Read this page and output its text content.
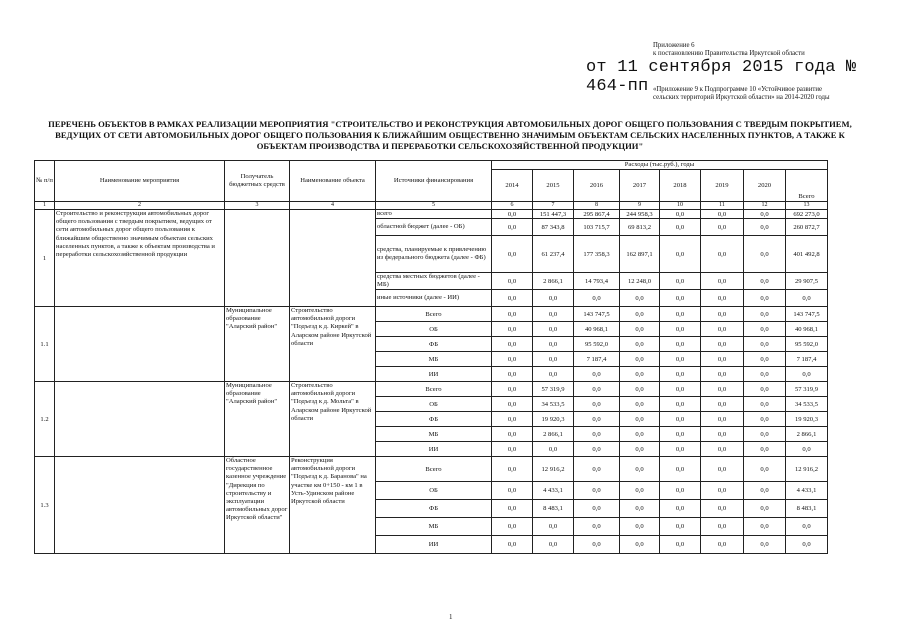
Приложение 6
к постановлению Правительства Иркутской области
от 11 сентября 2015 года № 464-пп «Приложение 9 к Подпрограмме 10 «Устойчивое развитие сельских территорий Иркутской области» на 2014-2020 годы
ПЕРЕЧЕНЬ ОБЪЕКТОВ В РАМКАХ РЕАЛИЗАЦИИ МЕРОПРИЯТИЯ "СТРОИТЕЛЬСТВО И РЕКОНСТРУКЦИЯ АВТОМОБИЛЬНЫХ ДОРОГ ОБЩЕГО ПОЛЬЗОВАНИЯ С ТВЕРДЫМ ПОКРЫТИЕМ, ВЕДУЩИХ ОТ СЕТИ АВТОМОБИЛЬНЫХ ДОРОГ ОБЩЕГО ПОЛЬЗОВАНИЯ К БЛИЖАЙШИМ ОБЩЕСТВЕННО ЗНАЧИМЫМ ОБЪЕКТАМ СЕЛЬСКИХ НАСЕЛЕННЫХ ПУНКТОВ, А ТАКЖЕ К ОБЪЕКТАМ ПРОИЗВОДСТВА И ПЕРЕРАБОТКИ СЕЛЬСКОХОЗЯЙСТВЕННОЙ ПРОДУКЦИИ"
№ п/п	Наименование мероприятия	Получатель бюджетных средств	Наименование объекта	Источники финансирования	Расходы (тыс.руб.), годы							
					2014	2015	2016	2017	2018	2019	2020	Всего
1	2	3	4	5	6	7	8	9	10	11	12	13
1	Строительство и реконструкция автомобильных дорог общего пользования с твердым покрытием, ведущих от сети автомобильных дорог общего пользования к ближайшим общественно значимым объектам сельских населенных пунктов, а также к объектам производства и переработки сельскохозяйственной продукции			всего	0,0	151 447,3	295 867,4	244 958,3	0,0	0,0	0,0	692 273,0
				областной бюджет (далее - ОБ)	0,0	87 343,8	103 715,7	69 813,2	0,0	0,0	0,0	260 872,7
				средства, планируемые к привлечению из федерального бюджета (далее - ФБ)	0,0	61 237,4	177 358,3	162 897,1	0,0	0,0	0,0	401 492,8
				средства местных бюджетов (далее - МБ)	0,0	2 866,1	14 793,4	12 248,0	0,0	0,0	0,0	29 907,5
				иные источники (далее - ИИ)	0,0	0,0	0,0	0,0	0,0	0,0	0,0	0,0
1.1		Муниципальное образование "Аларский район"	Строительство автомобильной дороги "Подъезд к д. Киркей" в Аларском районе Иркутской области	Всего	0,0	0,0	143 747,5	0,0	0,0	0,0	0,0	143 747,5
				ОБ	0,0	0,0	40 968,1	0,0	0,0	0,0	0,0	40 968,1
				ФБ	0,0	0,0	95 592,0	0,0	0,0	0,0	0,0	95 592,0
				МБ	0,0	0,0	7 187,4	0,0	0,0	0,0	0,0	7 187,4
				ИИ	0,0	0,0	0,0	0,0	0,0	0,0	0,0	0,0
1.2		Муниципальное образование "Аларский район"	Строительство автомобильной дороги "Подъезд к д. Мольта" в Аларском районе Иркутской области	Всего	0,0	57 319,9	0,0	0,0	0,0	0,0	0,0	57 319,9
				ОБ	0,0	34 533,5	0,0	0,0	0,0	0,0	0,0	34 533,5
				ФБ	0,0	19 920,3	0,0	0,0	0,0	0,0	0,0	19 920,3
				МБ	0,0	2 866,1	0,0	0,0	0,0	0,0	0,0	2 866,1
				ИИ	0,0	0,0	0,0	0,0	0,0	0,0	0,0	0,0
1.3		Областное государственное казенное учреждение "Дирекция по строительству и эксплуатации автомобильных дорог Иркутской области"	Реконструкция автомобильной дороги "Подъезд к д. Баранова" на участке км 0+150 - км 1 в Усть-Удинском районе Иркутской области	Всего	0,0	12 916,2	0,0	0,0	0,0	0,0	0,0	12 916,2
				ОБ	0,0	4 433,1	0,0	0,0	0,0	0,0	0,0	4 433,1
				ФБ	0,0	8 483,1	0,0	0,0	0,0	0,0	0,0	8 483,1
				МБ	0,0	0,0	0,0	0,0	0,0	0,0	0,0	0,0
				ИИ	0,0	0,0	0,0	0,0	0,0	0,0	0,0	0,0
1
